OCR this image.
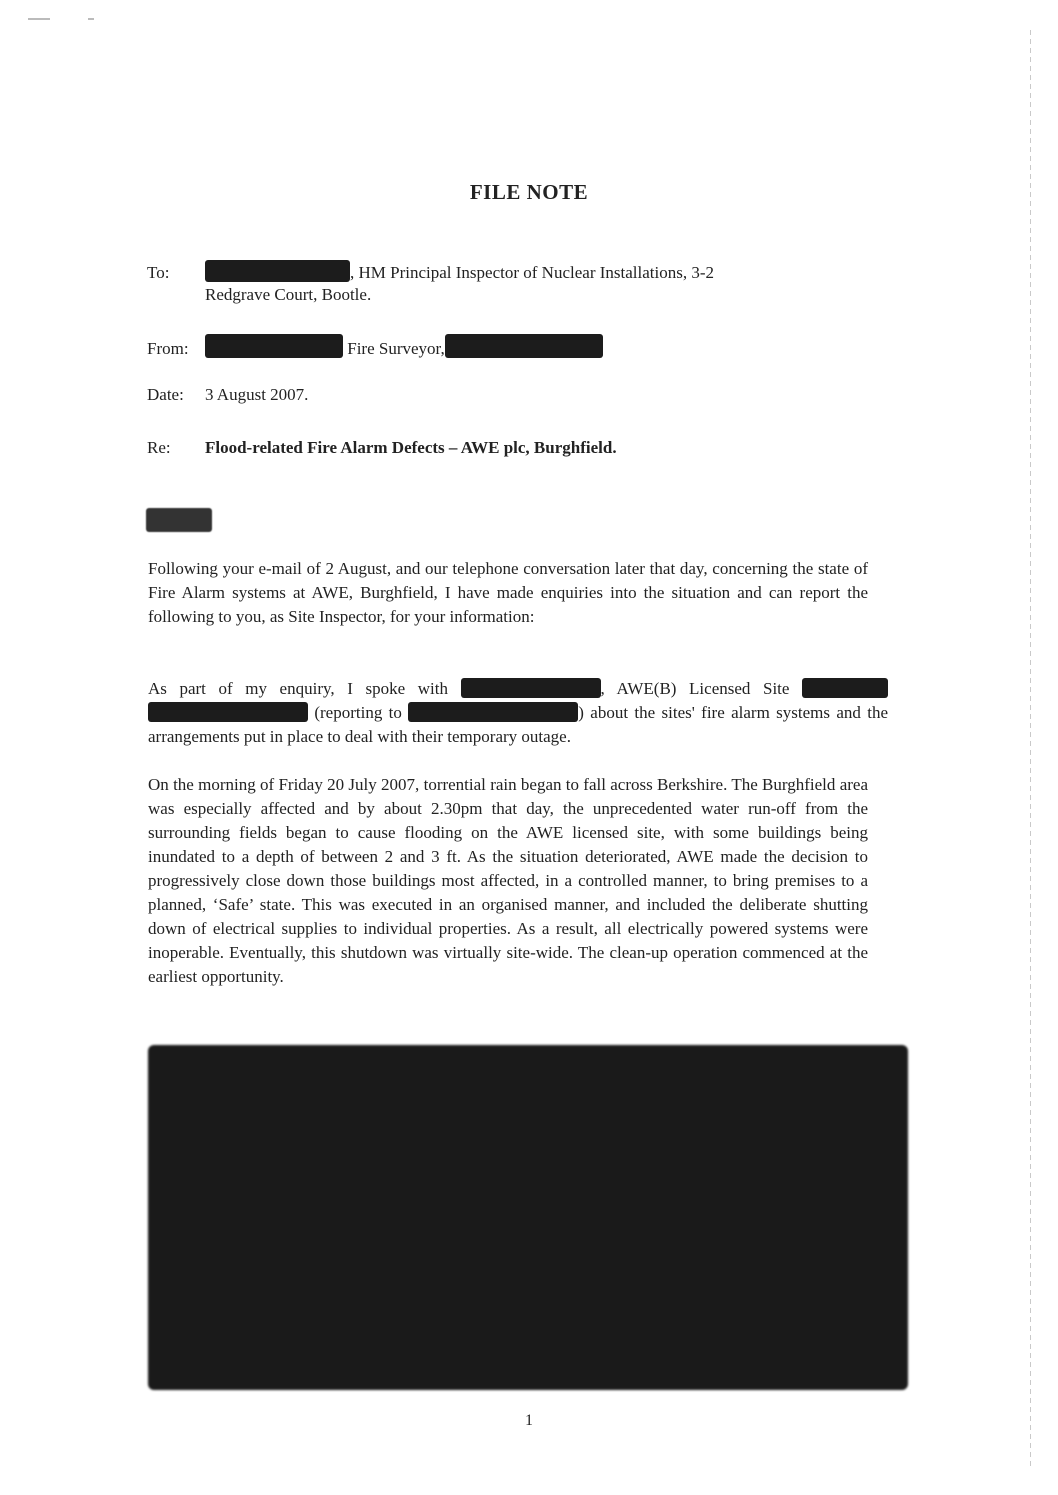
FILE NOTE
To:	, HM Principal Inspector of Nuclear Installations, 3-2
Redgrave Court, Bootle.
From:	Fire Surveyor,
Date: 3 August 2007.
Re: Flood-related Fire Alarm Defects – AWE plc, Burghfield.

Following your e-mail of 2 August, and our telephone conversation later that day, concerning the state of Fire Alarm systems at AWE, Burghfield, I have made enquiries into the situation and can report the following to you, as Site Inspector, for your information:

As part of my enquiry, I spoke with	, AWE(B) Licensed Site   (reporting to	) about the sites' fire alarm systems and the arrangements put in place to deal with their temporary outage.

On the morning of Friday 20 July 2007, torrential rain began to fall across Berkshire. The Burghfield area was especially affected and by about 2.30pm that day, the unprecedented water run-off from the surrounding fields began to cause flooding on the AWE licensed site, with some buildings being inundated to a depth of between 2 and 3 ft. As the situation deteriorated, AWE made the decision to progressively close down those buildings most affected, in a controlled manner, to bring premises to a planned, ‘Safe’ state. This was executed in an organised manner, and included the deliberate shutting down of electrical supplies to individual properties. As a result, all electrically powered systems were inoperable. Eventually, this shutdown was virtually site-wide. The clean-up operation commenced at the earliest opportunity.

1
